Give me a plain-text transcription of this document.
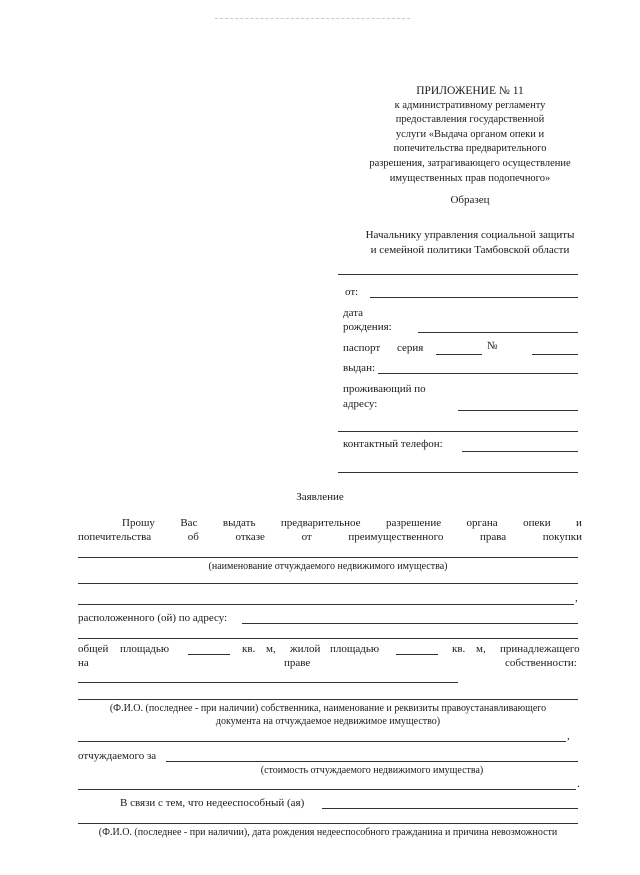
ПРИЛОЖЕНИЕ № 11
к административному регламенту
предоставления государственной
услуги «Выдача органом опеки и
попечительства предварительного
разрешения, затрагивающего осуществление
имущественных прав подопечного»
Образец
Начальнику управления социальной защиты
и семейной политики Тамбовской области
от:
дата
рождения:
паспорт серия	№
выдан:
проживающий по
адресу:
контактный телефон:
Заявление
Прошу Вас выдать предварительное разрешение органа опеки и
попечительства	об	отказе	от	преимущественного	права	покупки
(наименование отчуждаемого недвижимого имущества)
,
расположенного (ой) по адресу:
общей площадью	кв. м, жилой площадью	кв. м, принадлежащего
на	праве	собственности:
(Ф.И.О. (последнее - при наличии) собственника, наименование и реквизиты правоустанавливающего
документа на отчуждаемое недвижимое имущество)
,
отчуждаемого за
(стоимость отчуждаемого недвижимого имущества)
.
В связи с тем, что недееспособный (ая)
(Ф.И.О. (последнее - при наличии), дата рождения недееспособного гражданина и причина невозможности
